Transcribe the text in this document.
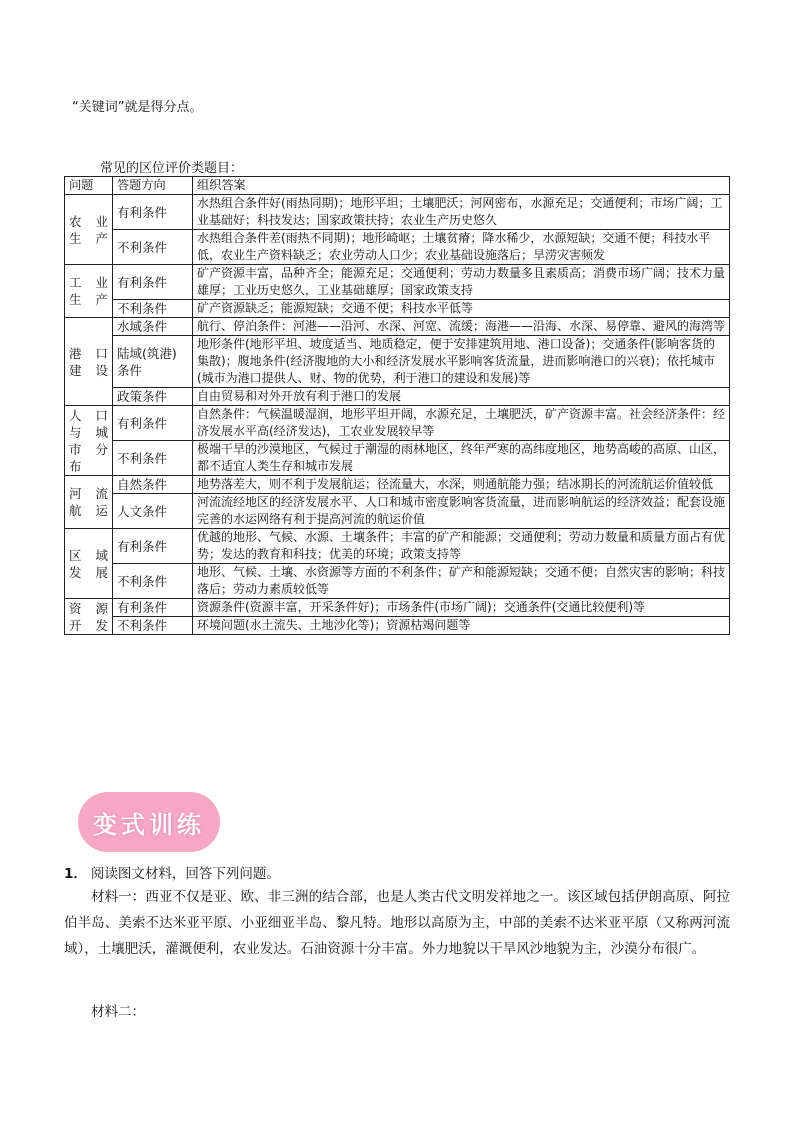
“关键词”就是得分点。
常见的区位评价类题目：
问题	答题方向	组织答案

农 业
生产	有利条件	水热组合条件好(雨热同期)；地形平坦；土壤肥沃；河网密布，水源充足；交通便利；市场广阔；工业基础好；科技发达；国家政策扶持；农业生产历史悠久
	不利条件	水热组合条件差(雨热不同期)；地形崎岖；土壤贫瘠；降水稀少，水源短缺；交通不便；科技水平低，农业生产资料缺乏；农业劳动人口少；农业基础设施落后；旱涝灾害频发

工 业
生产	有利条件	矿产资源丰富，品种齐全；能源充足；交通便利；劳动力数量多且素质高；消费市场广阔；技术力量雄厚；工业历史悠久，工业基础雄厚；国家政策支持
	不利条件	矿产资源缺乏；能源短缺；交通不便；科技水平低等

港 口
建设	水域条件	航行、停泊条件：河港——沿河、水深、河宽、流缓；海港——沿海、水深、易停靠、避风的海湾等
	陆域(筑港)条件	地形条件(地形平坦、坡度适当、地质稳定，便于安排建筑用地、港口设备)；交通条件(影响客货的集散)；腹地条件(经济腹地的大小和经济发展水平影响客货流量，进而影响港口的兴衰)；依托城市(城市为港口提供人、财、物的优势，利于港口的建设和发展)等
	政策条件	自由贸易和对外开放有利于港口的发展

人 口
与 城
市 分
布	有利条件	自然条件：气候温暖湿润，地形平坦开阔，水源充足，土壤肥沃，矿产资源丰富。社会经济条件：经济发展水平高(经济发达)，工农业发展较早等
	不利条件	极端干旱的沙漠地区，气候过于潮湿的雨林地区，终年严寒的高纬度地区，地势高峻的高原、山区，都不适宜人类生存和城市发展

河 流
航运	自然条件	地势落差大，则不利于发展航运；径流量大，水深，则通航能力强；结冰期长的河流航运价值较低
	人文条件	河流流经地区的经济发展水平、人口和城市密度影响客货流量，进而影响航运的经济效益；配套设施完善的水运网络有利于提高河流的航运价值

区 域
发展	有利条件	优越的地形、气候、水源、土壤条件；丰富的矿产和能源；交通便利；劳动力数量和质量方面占有优势；发达的教育和科技；优美的环境；政策支持等
	不利条件	地形、气候、土壤、水资源等方面的不利条件；矿产和能源短缺；交通不便；自然灾害的影响；科技落后；劳动力素质较低等

资 源
开发	有利条件	资源条件(资源丰富，开采条件好)；市场条件(市场广阔)；交通条件(交通比较便利)等
	不利条件	环境问题(水土流失、土地沙化等)；资源枯竭问题等
变式训练
1． 阅读图文材料，回答下列问题。
材料一：西亚不仅是亚、欧、非三洲的结合部，也是人类古代文明发祥地之一。该区域包括伊朗高原、阿拉伯半岛、美索不达米亚平原、小亚细亚半岛、黎凡特。地形以高原为主，中部的美索不达米亚平原（又称两河流域），土壤肥沃，灌溉便利，农业发达。石油资源十分丰富。外力地貌以干旱风沙地貌为主，沙漠分布很广。
材料二：
